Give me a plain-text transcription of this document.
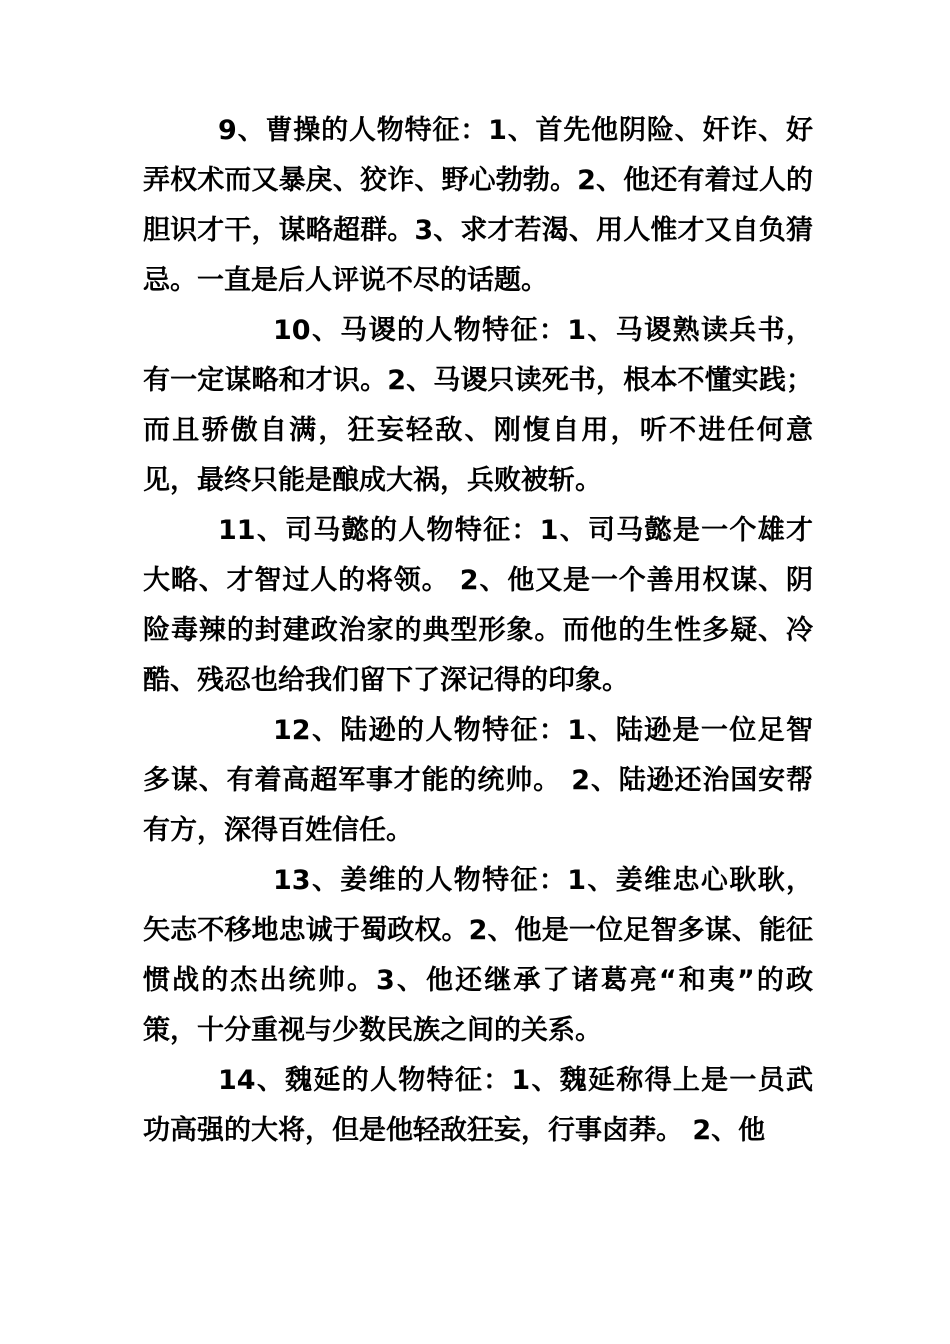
9、曹操的人物特征：1、首先他阴险、奸诈、好弄权术而又暴戾、狡诈、野心勃勃。2、他还有着过人的胆识才干，谋略超群。3、求才若渴、用人惟才又自负猜忌。一直是后人评说不尽的话题。

10、马谡的人物特征：1、马谡熟读兵书，有一定谋略和才识。2、马谡只读死书，根本不懂实践；而且骄傲自满，狂妄轻敌、刚愎自用，听不进任何意见，最终只能是酿成大祸，兵败被斩。

11、司马懿的人物特征：1、司马懿是一个雄才大略、才智过人的将领。 2、他又是一个善用权谋、阴险毒辣的封建政治家的典型形象。而他的生性多疑、冷酷、残忍也给我们留下了深记得的印象。

12、陆逊的人物特征：1、陆逊是一位足智多谋、有着高超军事才能的统帅。 2、陆逊还治国安帮有方，深得百姓信任。

13、姜维的人物特征：1、姜维忠心耿耿，矢志不移地忠诚于蜀政权。2、他是一位足智多谋、能征惯战的杰出统帅。3、他还继承了诸葛亮“和夷”的政策，十分重视与少数民族之间的关系。

14、魏延的人物特征：1、魏延称得上是一员武功高强的大将，但是他轻敌狂妄，行事卤莽。 2、他
